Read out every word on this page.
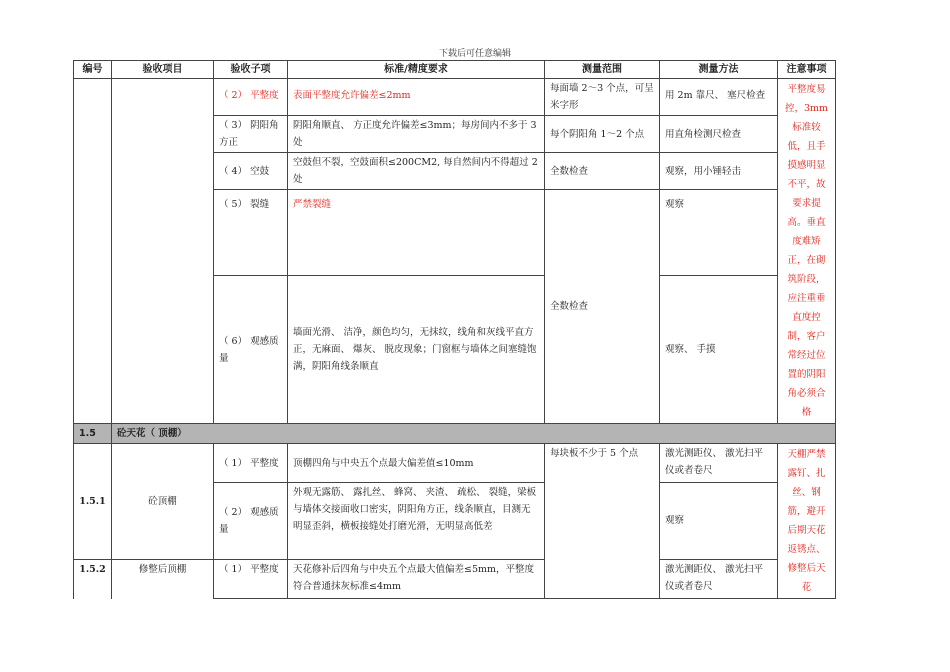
下载后可任意编辑
编号	验收项目	验收子项	标准/精度要求	测量范围	测量方法	注意事项
		（ 2） 平整度	表面平整度允许偏差≤2mm	每面墙 2～3 个点，可呈米字形	用 2m 靠尺、 塞尺检查	平整度易控，3mm 标准较低，且手摸感明显不平，故要求提高。垂直度难矫正，在砌筑阶段，应注重垂直度控制，客户常经过位置的阴阳角必须合格
		（ 3） 阴阳角方正	阴阳角顺直、 方正度允许偏差≤3mm；每房间内不多于 3 处	每个阴阳角 1～2 个点	用直角检测尺检查	
		（ 4） 空鼓	空鼓但不裂，空鼓面积≤200CM2, 每自然间内不得超过 2 处	全数检查	观察，用小锤轻击	
		（ 5） 裂缝	严禁裂缝	全数检查	观察	
		（ 6） 观感质量	墙面光滑、 洁净，颜色均匀，无抹纹，线角和灰线平直方正，无麻面、 爆灰、 脱皮现象；门窗框与墙体之间塞缝饱满，阴阳角线条顺直		观察、 手摸	
1.5	砼天花（ 顶棚）					
1.5.1	砼顶棚	（ 1） 平整度	顶棚四角与中央五个点最大偏差值≤10mm	每块板不少于 5 个点	激光测距仪、 激光扫平仪或者卷尺	天棚严禁露钉、扎丝、钢筋，避开后期天花返锈点、 修整后天花
		（ 2） 观感质量	外观无露筋、 露扎丝、 蜂窝、 夹渣、 疏松、 裂缝，梁板与墙体交接面收口密实，阴阳角方正，线条顺直，目测无明显歪斜，横板接缝处打磨光滑，无明显高低差		观察	
1.5.2	修整后顶棚	（ 1） 平整度	天花修补后四角与中央五个点最大值偏差≤5mm，平整度符合普通抹灰标准≤4mm		激光测距仪、 激光扫平仪或者卷尺	
